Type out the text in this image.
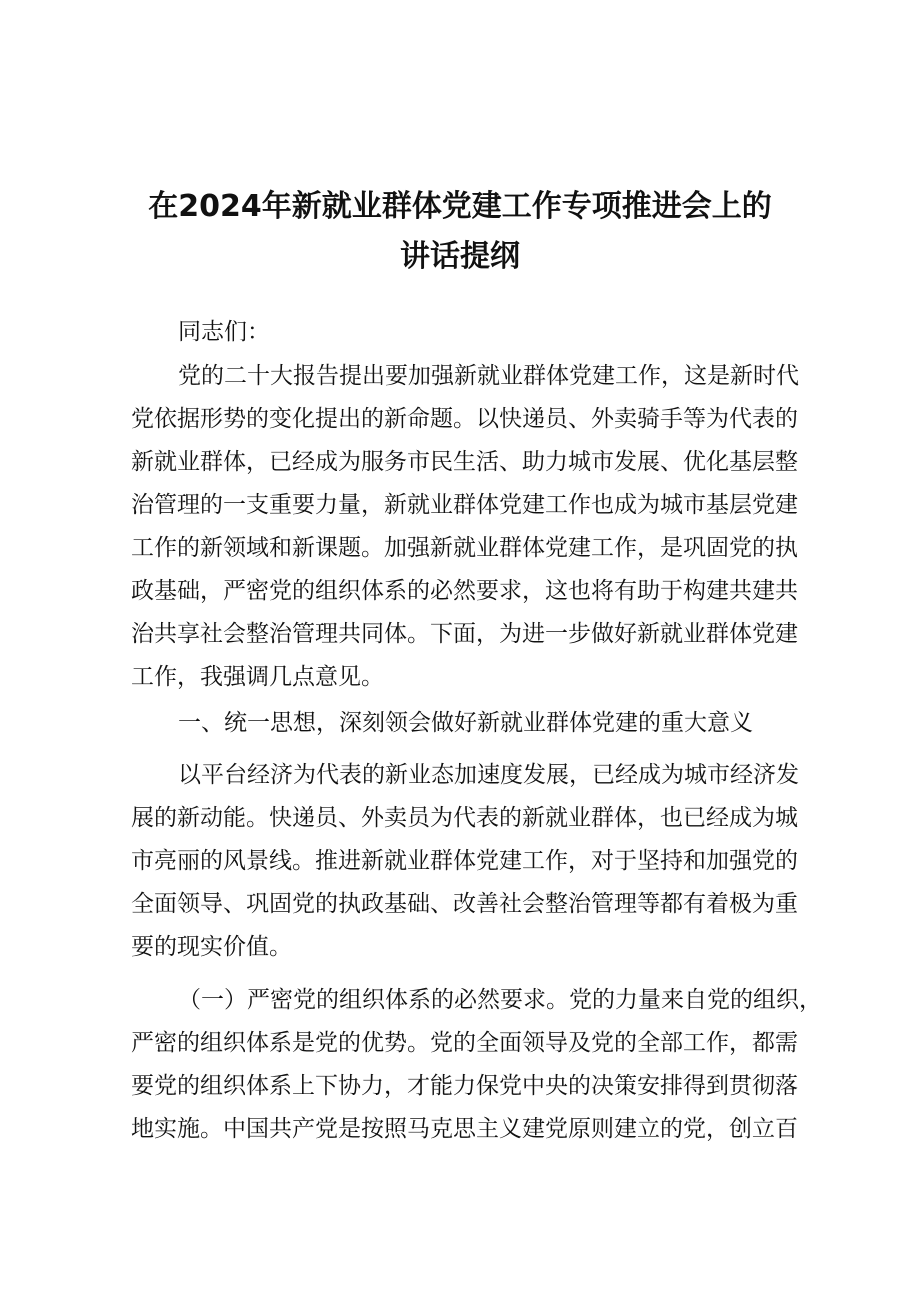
在2024年新就业群体党建工作专项推进会上的
讲话提纲
同志们：
党的二十大报告提出要加强新就业群体党建工作，这是新时代
党依据形势的变化提出的新命题。以快递员、外卖骑手等为代表的
新就业群体，已经成为服务市民生活、助力城市发展、优化基层整
治管理的一支重要力量，新就业群体党建工作也成为城市基层党建
工作的新领域和新课题。加强新就业群体党建工作，是巩固党的执
政基础，严密党的组织体系的必然要求，这也将有助于构建共建共
治共享社会整治管理共同体。下面，为进一步做好新就业群体党建
工作，我强调几点意见。
一、统一思想，深刻领会做好新就业群体党建的重大意义
以平台经济为代表的新业态加速度发展，已经成为城市经济发
展的新动能。快递员、外卖员为代表的新就业群体，也已经成为城
市亮丽的风景线。推进新就业群体党建工作，对于坚持和加强党的
全面领导、巩固党的执政基础、改善社会整治管理等都有着极为重
要的现实价值。
（一）严密党的组织体系的必然要求。党的力量来自党的组织，
严密的组织体系是党的优势。党的全面领导及党的全部工作，都需
要党的组织体系上下协力，才能力保党中央的决策安排得到贯彻落
地实施。中国共产党是按照马克思主义建党原则建立的党，创立百
